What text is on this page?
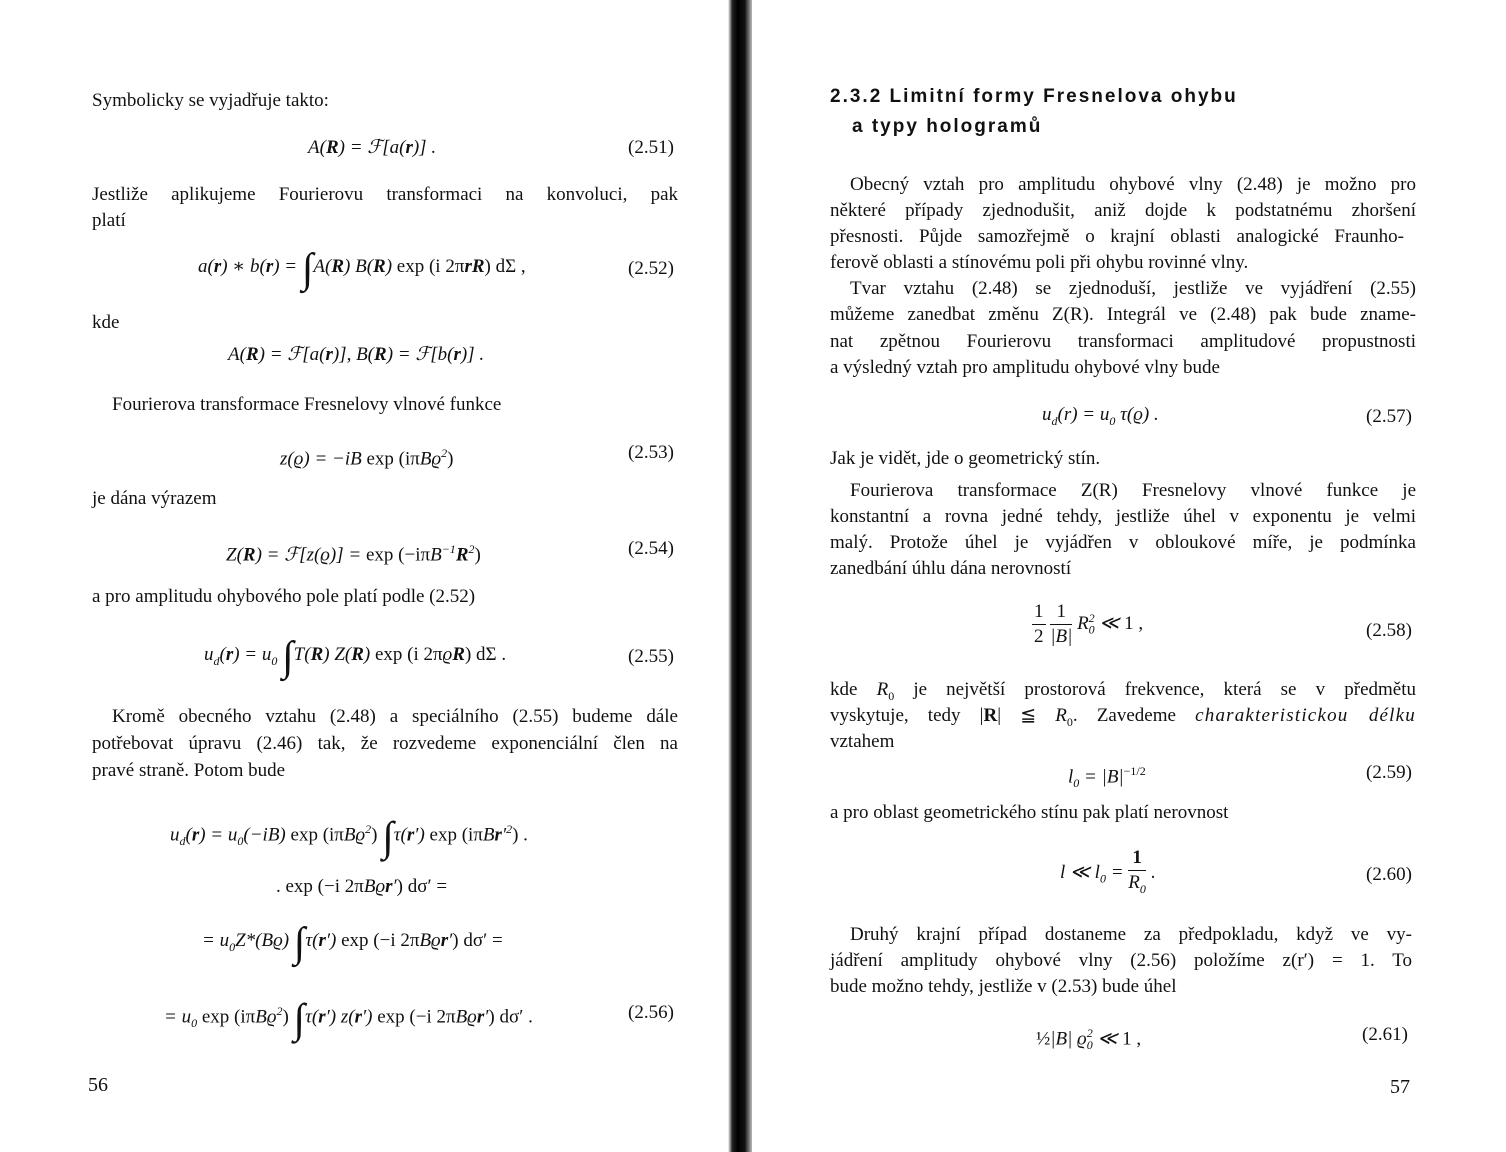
Symbolicky se vyjadřuje takto:
A(R) = ℱ[a(r)] .	(2.51)
Jestliže aplikujeme Fourierovu transformaci na konvoluci, pak
platí
a(r) ∗ b(r) = ∫A(R) B(R) exp (i 2πrR) dΣ ,	(2.52)
kde
A(R) = ℱ[a(r)], B(R) = ℱ[b(r)] .
Fourierova transformace Fresnelovy vlnové funkce
z(ϱ) = −iB exp (iπBϱ$^2$)	(2.53)
je dána výrazem
Z(R) = ℱ[z(ϱ)] = $\exp (-i\pi B^{-1}R^2)$	(2.54)
a pro amplitudu ohybového pole platí podle (2.52)
$u_d(r) = u_0$ ∫T(R) Z(R) exp (i 2πϱR) dΣ .	(2.55)
Kromě obecného vztahu (2.48) a speciálního (2.55) budeme dále
potřebovat úpravu (2.46) tak, že rozvedeme exponenciální člen na
pravé straně. Potom bude
$u_d(r) = u_0(-iB)$ exp (iπBϱ$^2$) ∫τ(r′) $\exp (i\pi Br'^2)$ .
. exp (−i 2πBϱr′) dσ′ =
= $u_0Z*(Bϱ)$ ∫τ(r′) exp (−i 2πBϱr′) dσ′ =
= $u_0$ exp (iπBϱ$^2$) ∫τ(r′) z(r′) exp (−i 2πBϱr′) dσ′ .	(2.56)
56
2.3.2 Limitní formy Fresnelova ohybu
a typy hologramů
Obecný vztah pro amplitudu ohybové vlny (2.48) je možno pro
některé případy zjednodušit, aniž dojde k podstatnému zhoršení
přesnosti. Půjde samozřejmě o krajní oblasti analogické Fraunho-
ferově oblasti a stínovému poli při ohybu rovinné vlny.
Tvar vztahu (2.48) se zjednoduší, jestliže ve vyjádření (2.55)
můžeme zanedbat změnu Z(R). Integrál ve (2.48) pak bude zname-
nat zpětnou Fourierovu transformaci amplitudové propustnosti
a výsledný vztah pro amplitudu ohybové vlny bude
$u_d(r) = u_0$ τ(ϱ) .	(2.57)
Jak je vidět, jde o geometrický stín.
Fourierova transformace Z(R) Fresnelovy vlnové funkce je
konstantní a rovna jedné tehdy, jestliže úhel v exponentu je velmi
malý. Protože úhel je vyjádřen v obloukové míře, je podmínka
zanedbání úhlu dána nerovností
$\frac{1}{2}$
$\frac{1}{|B|} R_0^2$ ≪ 1 ,	(2.58)
kde $R_0$ je největší prostorová frekvence, která se v předmětu
vyskytuje, tedy |R| ≦ $R_0$. Zavedeme charakteristickou délku
vztahem
$l_0 = |B|^{-1/2}$	(2.59)
a pro oblast geometrického stínu pak platí nerovnost
l ≪ $l_0 = \frac{1}{R_0}$ .	(2.60)
Druhý krajní případ dostaneme za předpokladu, když ve vy-
jádření amplitudy ohybové vlny (2.56) položíme z(r′) = 1. To
bude možno tehdy, jestliže v (2.53) bude úhel
½|B| $ϱ_0^2$ ≪ 1 ,	(2.61)
57
